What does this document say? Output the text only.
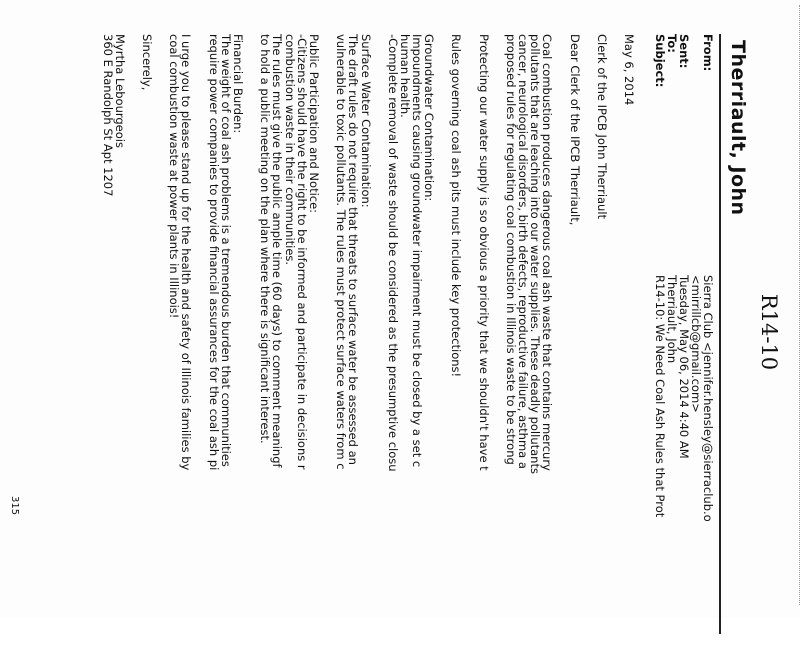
R14-10
Therriault, John
From:
Sierra Club <jennifer.hensley@sierraclub.o
<mirrillcb@gmail.com>
Sent:
Tuesday, May 06, 2014 4:40 AM
To:
Therriault, John
Subject:
R14-10: We Need Coal Ash Rules that Prot
May 6, 2014
Clerk of the IPCB John Therriault
Dear Clerk of the IPCB Therriault,
Coal combustion produces dangerous coal ash waste that contains mercury
pollutants that are leaching into our water supplies. These deadly pollutants
cancer, neurological disorders, birth defects, reproductive failure, asthma a
proposed rules for regulating coal combustion in Illinois waste to be strong
Protecting our water supply is so obvious a priority that we shouldn't have t
Rules governing coal ash pits must include key protections!
Groundwater Contamination:
Impoundments causing groundwater impairment must be closed by a set c
human health.
-Complete removal of waste should be considered as the presumptive closu
Surface Water Contamination:
The draft rules do not require that threats to surface water be assessed an
vulnerable to toxic pollutants. The rules must protect surface waters from c
Public Participation and Notice:
-Citizens should have the right to be informed and participate in decisions r
combustion waste in their communities.
The rules must give the public ample time (60 days) to comment meaningf
to hold a public meeting on the plan where there is significant interest.
Financial Burden:
The weight of coal ash problems is a tremendous burden that communities
require power companies to provide financial assurances for the coal ash pi
I urge you to please stand up for the health and safety of Illinois families by
coal combustion waste at power plants in Illinois!
Sincerely,
Myrtha Lebourgeois
360 E Randolph St Apt 1207
315
